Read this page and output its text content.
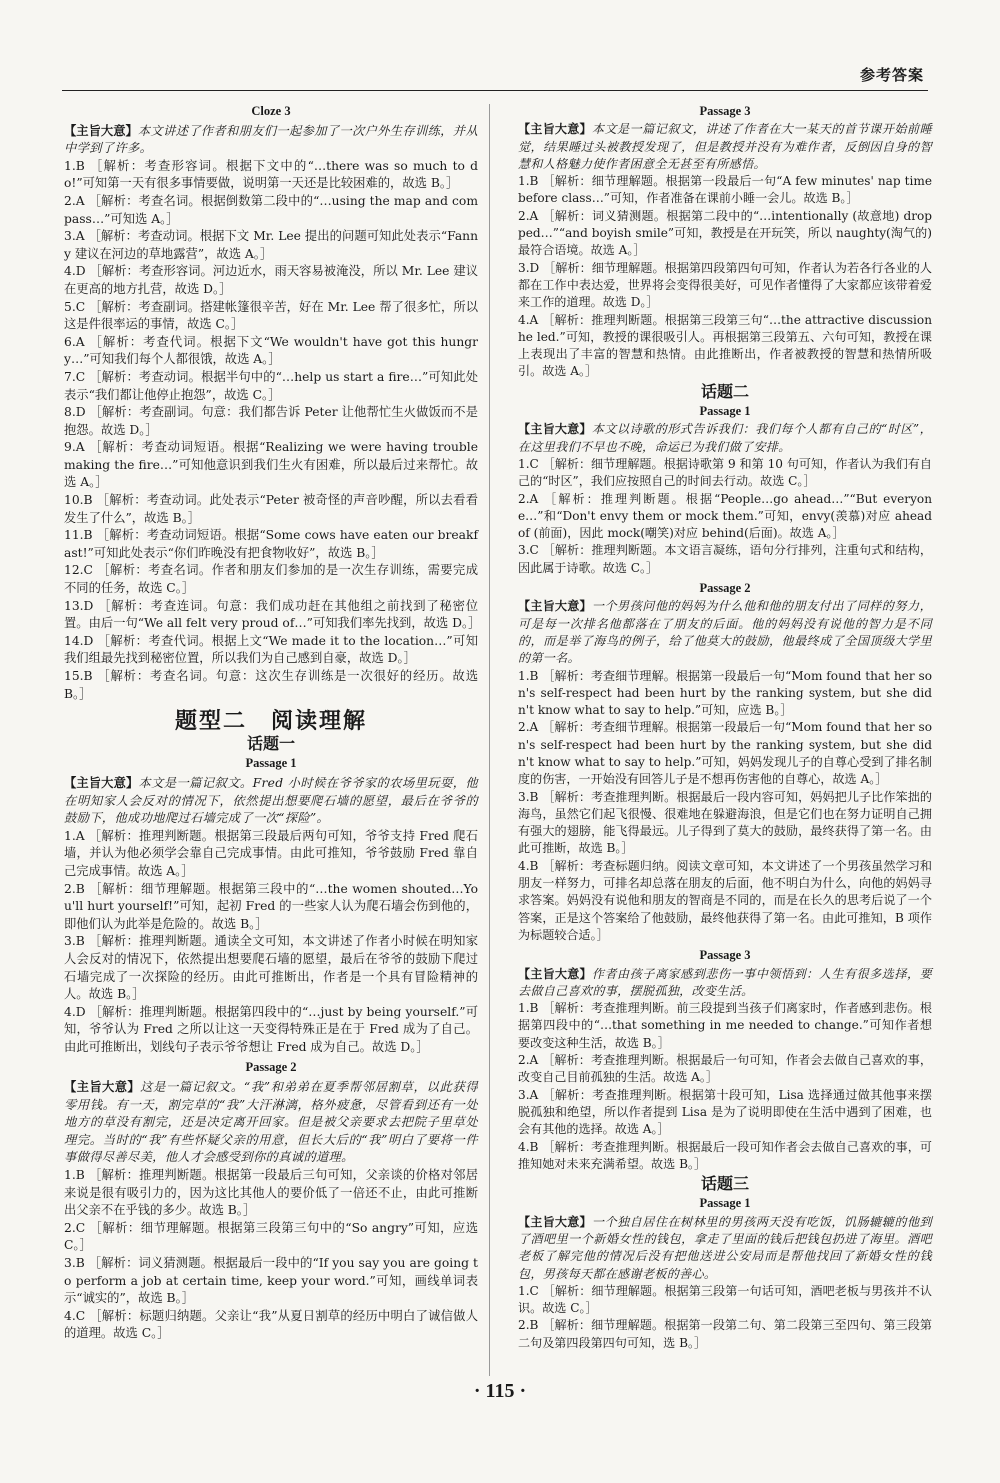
参考答案
Cloze 3

【主旨大意】本文讲述了作者和朋友们一起参加了一次户外生存训练，并从中学到了许多。

1.B ［解析：考查形容词。根据下文中的“…there was so much to do!”可知第一天有很多事情要做，说明第一天还是比较困难的，故选 B。］

2.A ［解析：考查名词。根据倒数第二段中的“…using the map and compass…”可知选 A。］

3.A ［解析：考查动词。根据下文 Mr. Lee 提出的问题可知此处表示“Fanny 建议在河边的草地露营”，故选 A。］

4.D ［解析：考查形容词。河边近水，雨天容易被淹没，所以 Mr. Lee 建议在更高的地方扎营，故选 D。］

5.C ［解析：考查副词。搭建帐篷很辛苦，好在 Mr. Lee 帮了很多忙，所以这是件很率运的事情，故选 C。］

6.A ［解析：考查代词。根据下文“We wouldn't have got this hungry…”可知我们每个人都很饿，故选 A。］

7.C ［解析：考查动词。根据半句中的“…help us start a fire…”可知此处表示“我们都让他停止抱怨”，故选 C。］

8.D ［解析：考查副词。句意：我们都告诉 Peter 让他帮忙生火做饭而不是抱怨。故选 D。］

9.A ［解析：考查动词短语。根据“Realizing we were having trouble making the fire…”可知他意识到我们生火有困难，所以最后过来帮忙。故选 A。］

10.B ［解析：考查动词。此处表示“Peter 被奇怪的声音吵醒，所以去看看发生了什么”，故选 B。］

11.B ［解析：考查动词短语。根据“Some cows have eaten our breakfast!”可知此处表示“你们昨晚没有把食物收好”，故选 B。］

12.C ［解析：考查名词。作者和朋友们参加的是一次生存训练，需要完成不同的任务，故选 C。］

13.D ［解析：考查连词。句意：我们成功赶在其他组之前找到了秘密位置。由后一句“We all felt very proud of…”可知我们率先找到，故选 D。］

14.D ［解析：考查代词。根据上文“We made it to the location…”可知我们组最先找到秘密位置，所以我们为自己感到自豪，故选 D。］

15.B ［解析：考查名词。句意：这次生存训练是一次很好的经历。故选 B。］

题型二　阅读理解
话题一
Passage 1

【主旨大意】本文是一篇记叙文。Fred 小时候在爷爷家的农场里玩耍，他在明知家人会反对的情况下，依然提出想要爬石墙的愿望，最后在爷爷的鼓励下，他成功地爬过石墙完成了一次“探险”。

1.A ［解析：推理判断题。根据第三段最后两句可知，爷爷支持 Fred 爬石墙，并认为他必须学会靠自己完成事情。由此可推知，爷爷鼓励 Fred 靠自己完成事情。故选 A。］

2.B ［解析：细节理解题。根据第三段中的“…the women shouted…You'll hurt yourself!”可知，起初 Fred 的一些家人认为爬石墙会伤到他的，即他们认为此举是危险的。故选 B。］

3.B ［解析：推理判断题。通读全文可知，本文讲述了作者小时候在明知家人会反对的情况下，依然提出想要爬石墙的愿望，最后在爷爷的鼓励下爬过石墙完成了一次探险的经历。由此可推断出，作者是一个具有冒险精神的人。故选 B。］

4.D ［解析：推理判断题。根据第四段中的“…just by being yourself.”可知，爷爷认为 Fred 之所以让这一天变得特殊正是在于 Fred 成为了自己。由此可推断出，划线句子表示爷爷想让 Fred 成为自己。故选 D。］

Passage 2

【主旨大意】这是一篇记叙文。“我”和弟弟在夏季帮邻居割草，以此获得零用钱。有一天，割完草的“我”大汗淋漓，格外疲惫，尽管看到还有一处地方的草没有割完，还是决定离开回家。但是被父亲要求去把院子里草处理完。当时的“我”有些怀疑父亲的用意，但长大后的“我”明白了要将一件事做得尽善尽美，他人才会感受到你的真诚的道理。

1.B ［解析：推理判断题。根据第一段最后三句可知，父亲谈的价格对邻居来说是很有吸引力的，因为这比其他人的要价低了一倍还不止，由此可推断出父亲不在乎钱的多少。故选 B。］

2.C ［解析：细节理解题。根据第三段第三句中的“So angry”可知，应选 C。］

3.B ［解析：词义猜测题。根据最后一段中的“If you say you are going to perform a job at certain time, keep your word.”可知，画线单词表示“诚实的”，故选 B。］

4.C ［解析：标题归纳题。父亲让“我”从夏日割草的经历中明白了诚信做人的道理。故选 C。］

Passage 3

【主旨大意】本文是一篇记叙文，讲述了作者在大一某天的首节课开始前睡觉，结果睡过头被教授发现了，但是教授并没有为难作者，反倒因自身的智慧和人格魅力使作者困意全无甚至有所感悟。

1.B ［解析：细节理解题。根据第一段最后一句“A few minutes' nap time before class…”可知，作者准备在课前小睡一会儿。故选 B。］

2.A ［解析：词义猜测题。根据第二段中的“…intentionally (故意地) dropped…”“and boyish smile”可知，教授是在开玩笑，所以 naughty(淘气的)最符合语境。故选 A。］

3.D ［解析：细节理解题。根据第四段第四句可知，作者认为若各行各业的人都在工作中表达爱，世界将会变得很美好，可见作者懂得了大家都应该带着爱来工作的道理。故选 D。］

4.A ［解析：推理判断题。根据第三段第三句“…the attractive discussion he led.”可知，教授的课很吸引人。再根据第三段第五、六句可知，教授在课上表现出了丰富的智慧和热情。由此推断出，作者被教授的智慧和热情所吸引。故选 A。］

话题二
Passage 1

【主旨大意】本文以诗歌的形式告诉我们：我们每个人都有自己的“时区”，在这里我们不早也不晚，命运已为我们做了安排。

1.C ［解析：细节理解题。根据诗歌第 9 和第 10 句可知，作者认为我们有自己的“时区”，我们应按照自己的时间去行动。故选 C。］

2.A ［解析：推理判断题。根据“People…go ahead…”“But everyone…”和“Don't envy them or mock them.”可知，envy(羡慕)对应 ahead of (前面)，因此 mock(嘲笑)对应 behind(后面)。故选 A。］

3.C ［解析：推理判断题。本文语言凝练，语句分行排列，注重句式和结构，因此属于诗歌。故选 C。］

Passage 2

【主旨大意】一个男孩问他的妈妈为什么他和他的朋友付出了同样的努力，可是每一次排名他都落在了朋友的后面。他的妈妈没有说他的智力是不同的，而是举了海鸟的例子，给了他莫大的鼓励，他最终成了全国顶级大学里的第一名。

1.B ［解析：考查细节理解。根据第一段最后一句“Mom found that her son's self-respect had been hurt by the ranking system, but she didn't know what to say to help.”可知，应选 B。］

2.A ［解析：考查细节理解。根据第一段最后一句“Mom found that her son's self-respect had been hurt by the ranking system, but she didn't know what to say to help.”可知，妈妈发现儿子的自尊心受到了排名制度的伤害，一开始没有回答儿子是不想再伤害他的自尊心，故选 A。］

3.B ［解析：考查推理判断。根据最后一段内容可知，妈妈把儿子比作笨拙的海鸟，虽然它们起飞很慢、很难地在躲避海浪，但是它们也在努力证明自己拥有强大的翅膀，能飞得最远。儿子得到了莫大的鼓励，最终获得了第一名。由此可推断，故选 B。］

4.B ［解析：考查标题归纳。阅读文章可知，本文讲述了一个男孩虽然学习和朋友一样努力，可排名却总落在朋友的后面，他不明白为什么，向他的妈妈寻求答案。妈妈没有说他和朋友的智商是不同的，而是在长久的思考后说了一个答案，正是这个答案给了他鼓励，最终他获得了第一名。由此可推知，B 项作为标题较合适。］

Passage 3

【主旨大意】作者由孩子离家感到悲伤一事中领悟到：人生有很多选择，要去做自己喜欢的事，摆脱孤独，改变生活。

1.B ［解析：考查推理判断。前三段提到当孩子们离家时，作者感到悲伤。根据第四段中的“…that something in me needed to change.”可知作者想要改变这种生活，故选 B。］

2.A ［解析：考查推理判断。根据最后一句可知，作者会去做自己喜欢的事，改变自己目前孤独的生活。故选 A。］

3.A ［解析：考查推理判断。根据第十段可知，Lisa 选择通过做其他事来摆脱孤独和绝望，所以作者提到 Lisa 是为了说明即使在生活中遇到了困难，也会有其他的选择。故选 A。］

4.B ［解析：考查推理判断。根据最后一段可知作者会去做自己喜欢的事，可推知她对未来充满希望。故选 B。］

话题三
Passage 1

【主旨大意】一个独自居住在树林里的男孩两天没有吃饭，饥肠辘辘的他到了酒吧里一个新婚女性的钱包，拿走了里面的钱后把钱包扔进了海里。酒吧老板了解完他的情况后没有把他送进公安局而是帮他找回了新婚女性的钱包，男孩每天都在感谢老板的善心。

1.C ［解析：细节理解题。根据第三段第一句话可知，酒吧老板与男孩并不认识。故选 C。］

2.B ［解析：细节理解题。根据第一段第二句、第二段第三至四句、第三段第二句及第四段第四句可知，选 B。］

· 115 ·
